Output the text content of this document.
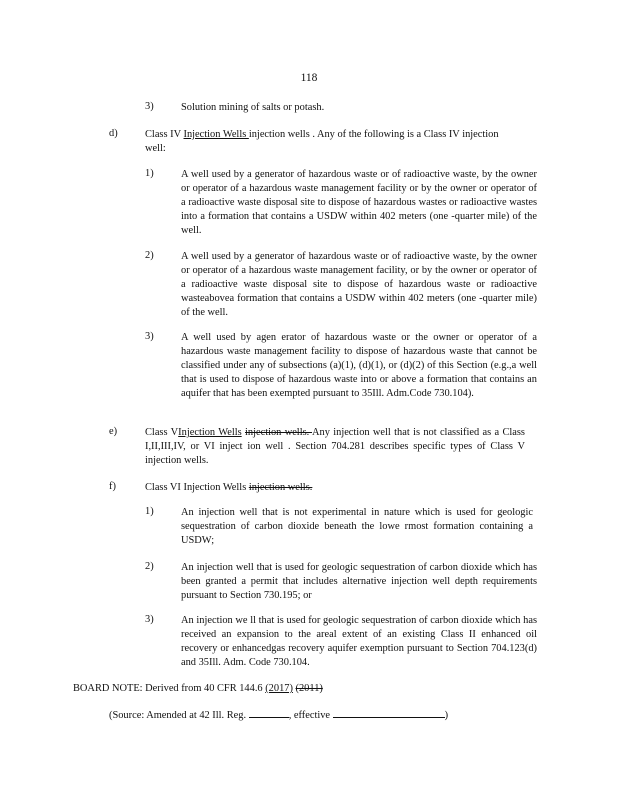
118
3)	Solution mining of salts or potash.
d)	Class IV Injection Wells injection wells . Any of the following is a Class IV injection well:
1)	A well used by a generator of hazardous waste or of radioactive waste, by the owner or operator of a hazardous waste management facility or by the owner or operator of a radioactive waste disposal site to dispose of hazardous wastes or radioactive wastes into a formation that contains a USDW within 402 meters (one -quarter mile) of the well.
2)	A well used by a generator of hazardous waste or of radioactive waste, by the owner or operator of a hazardous waste management facility, or by the owner or operator of a radioactive waste disposal site to dispose of hazardous waste or radioactive wasteabovea formation that contains a USDW within 402 meters (one -quarter mile) of the well.
3)	A well used by agen erator of hazardous waste or the owner or operator of a hazardous waste management facility to dispose of hazardous waste that cannot be classified under any of subsections (a)(1), (d)(1), or (d)(2) of this Section (e.g.,a well that is used to dispose of hazardous waste into or above a formation that contains an aquifer that has been exempted pursuant to 35Ill. Adm.Code 730.104).
e)	Class VInjection Wells injection wells. Any injection well that is not classified as a Class I,II,III,IV, or VI inject ion well . Section 704.281 describes specific types of Class V injection wells.
f)	Class VI Injection Wells injection wells.
1)	An injection well that is not experimental in nature which is used for geologic sequestration of carbon dioxide beneath the lowe rmost formation containing a USDW;
2)	An injection well that is used for geologic sequestration of carbon dioxide which has been granted a permit that includes alternative injection well depth requirements pursuant to Section 730.195; or
3)	An injection we ll that is used for geologic sequestration of carbon dioxide which has received an expansion to the areal extent of an existing Class II enhanced oil recovery or enhancedgas recovery aquifer exemption pursuant to Section 704.123(d) and 35Ill. Adm. Code 730.104.
BOARD NOTE: Derived from 40 CFR 144.6 (2017) (2011)
(Source: Amended at 42 Ill. Reg.	, effective	)
